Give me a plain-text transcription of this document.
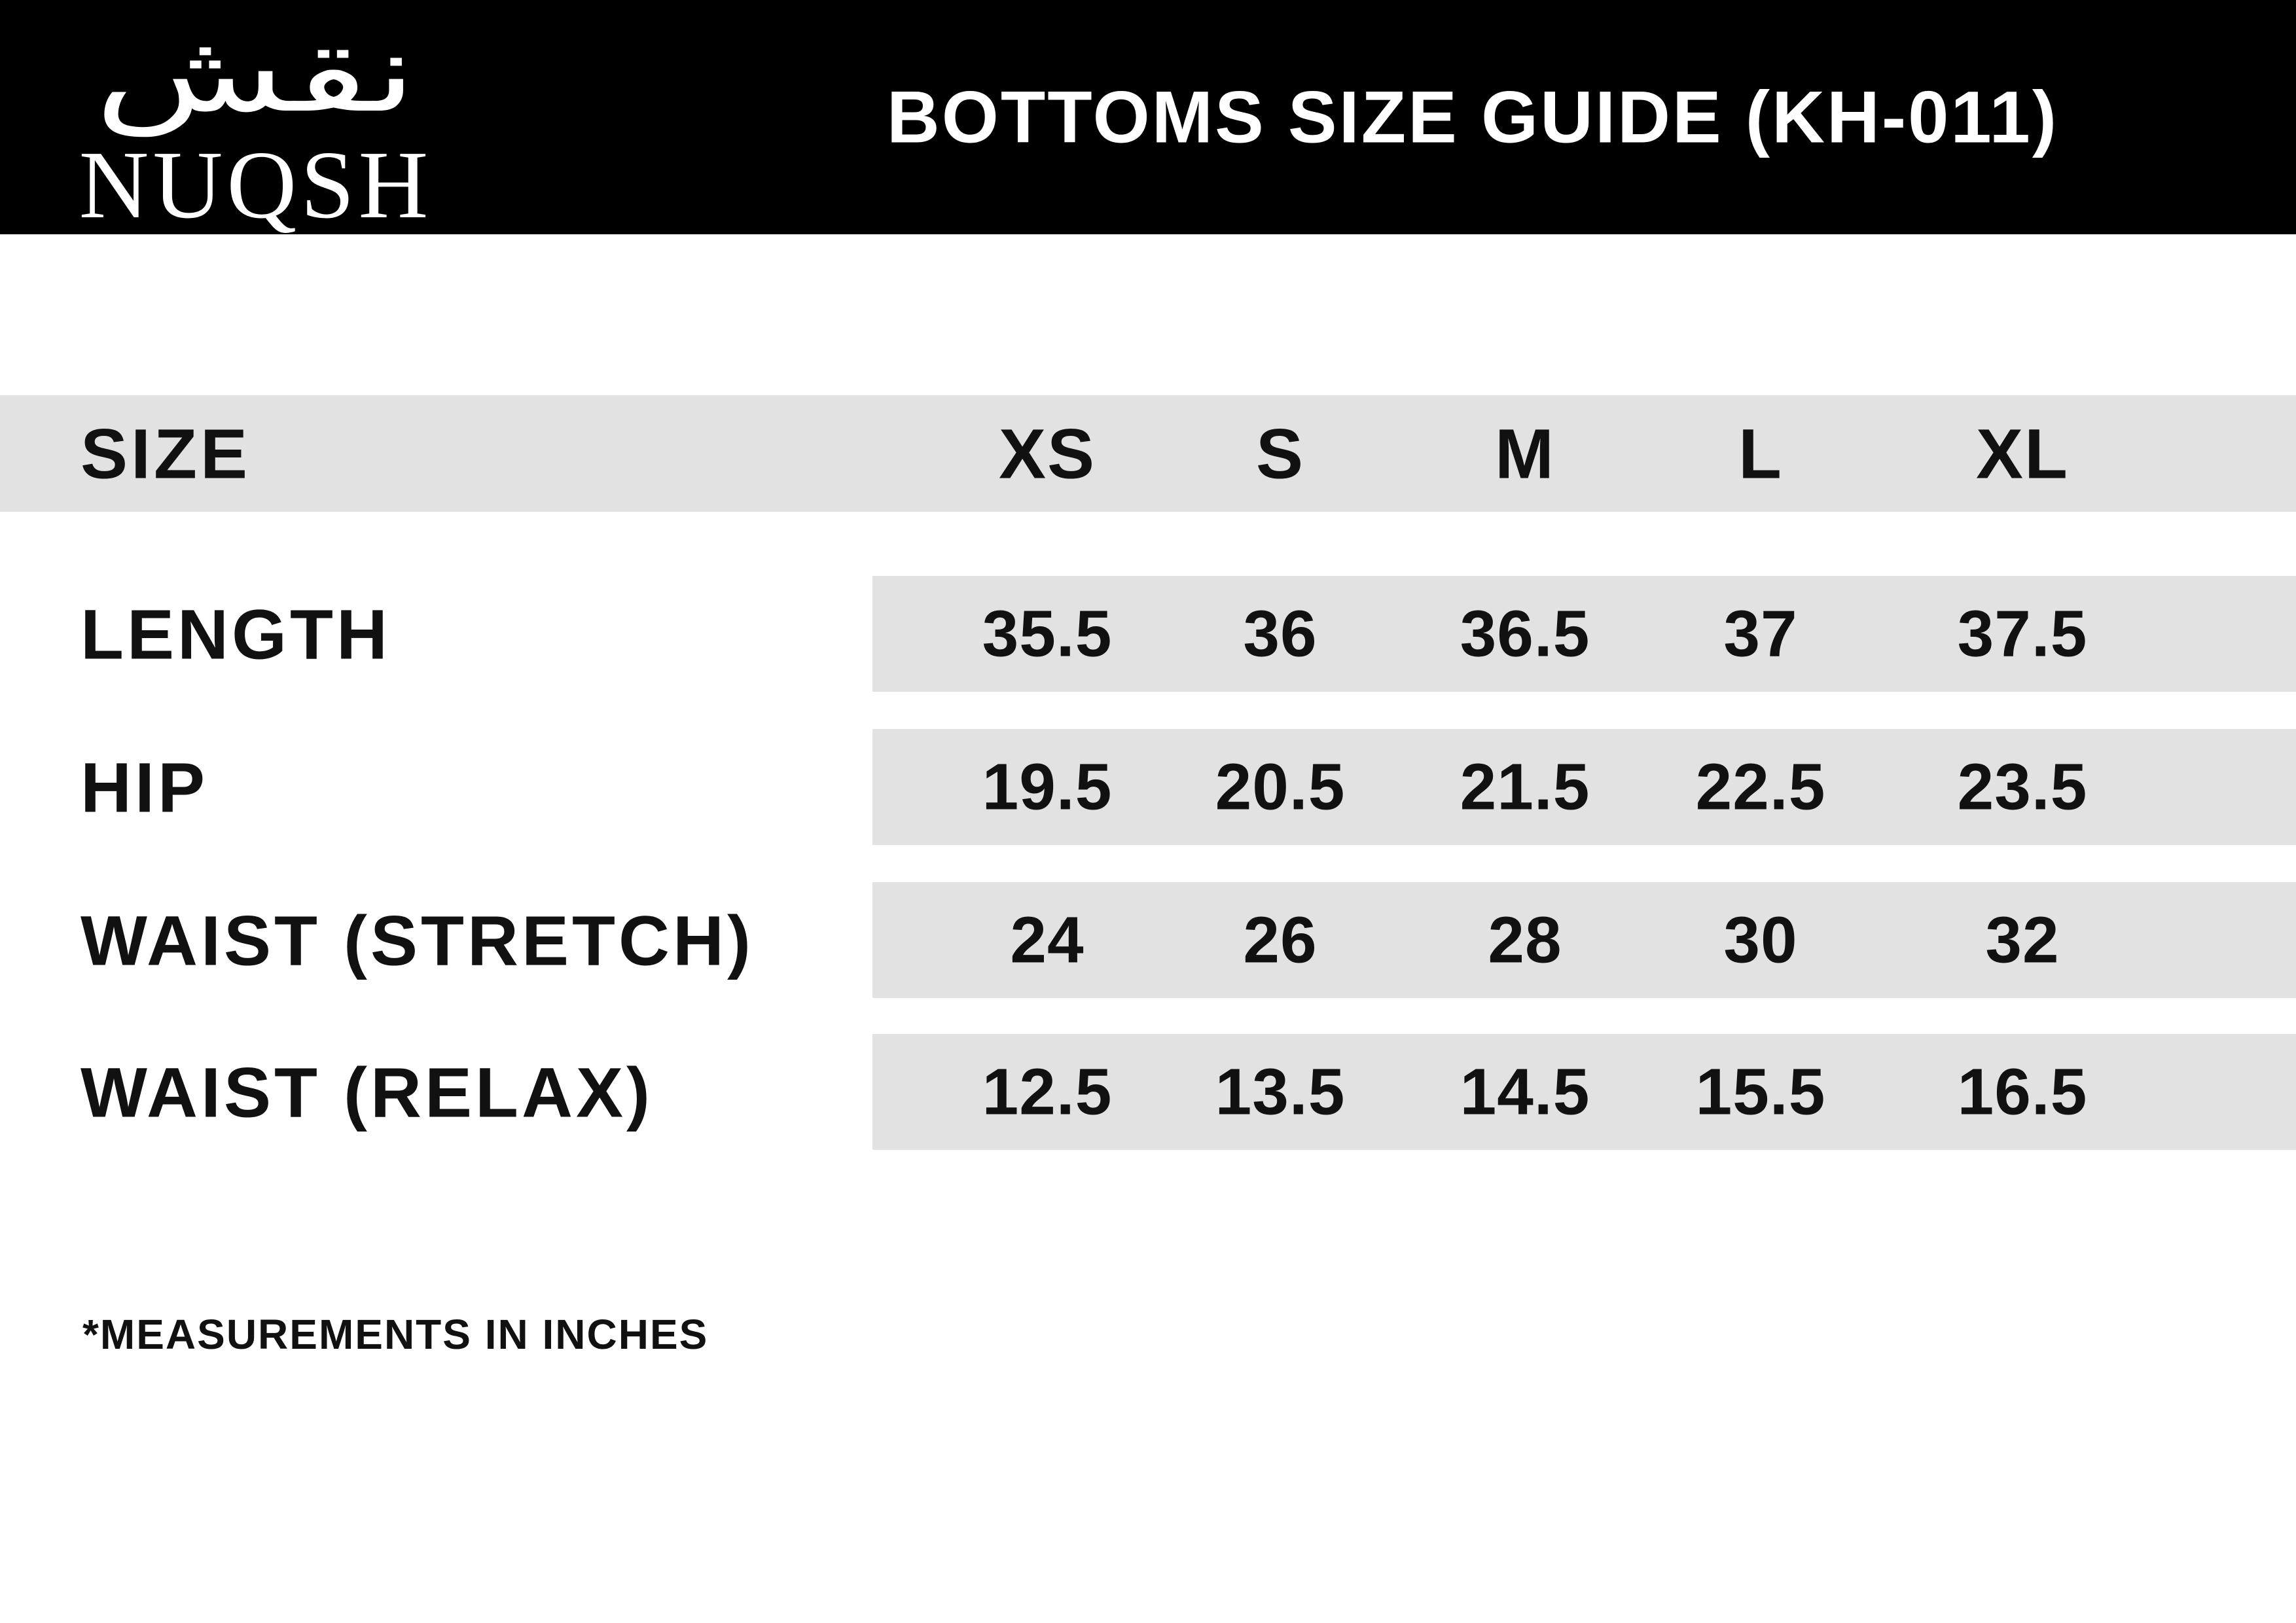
نقش
NUQSH
BOTTOMS SIZE GUIDE (KH-011)
SIZE	XS S	M	L	XL
LENGTH	35.5 36 36.5 37 37.5
HIP	19.5 20.5 21.5 22.5 23.5
WAIST (STRETCH)	24 26	28 30	32
WAIST (RELAX)	12.5 13.5 14.5 15.5 16.5

*MEASUREMENTS IN INCHES
